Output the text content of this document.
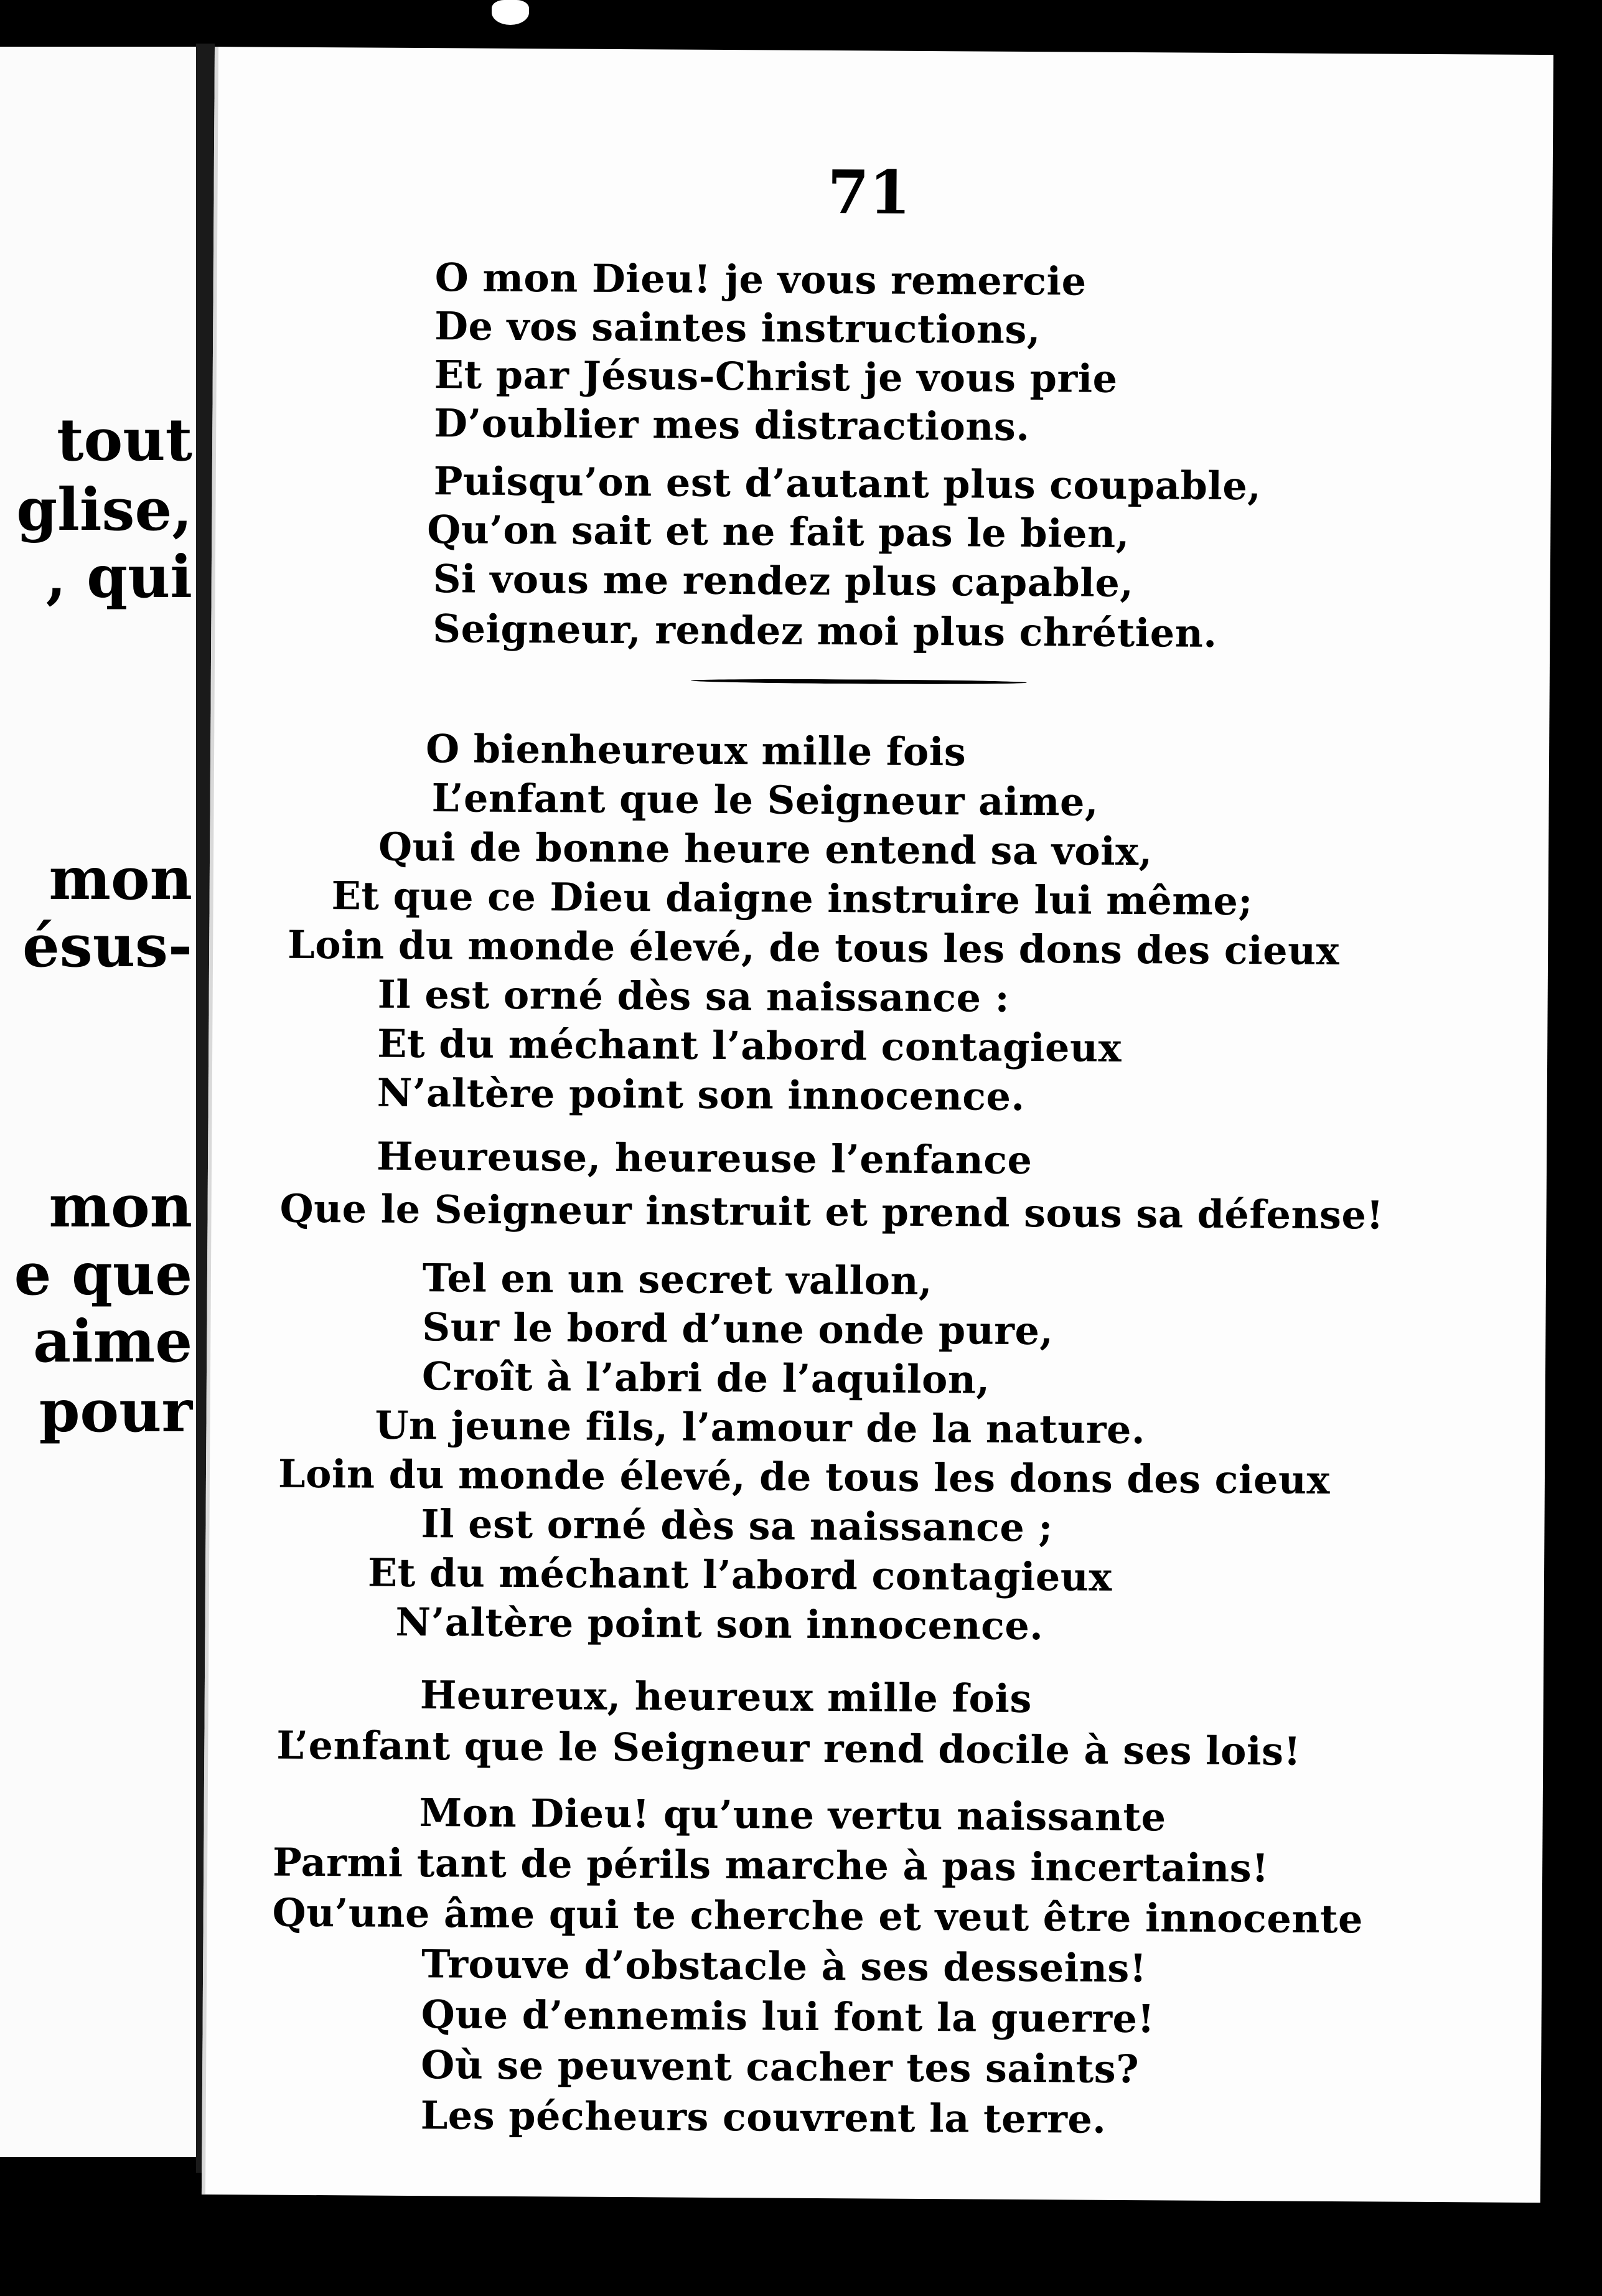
tout
glise,
, qui
mon
ésus-
mon
e que
aime
pour
71
O mon Dieu! je vous remercie
De vos saintes instructions,
Et par Jésus-Christ je vous prie
D’oublier mes distractions.
Puisqu’on est d’autant plus coupable,
Qu’on sait et ne fait pas le bien,
Si vous me rendez plus capable,
Seigneur, rendez moi plus chrétien.
O bienheureux mille fois
L’enfant que le Seigneur aime,
Qui de bonne heure entend sa voix,
Et que ce Dieu daigne instruire lui même;
Loin du monde élevé, de tous les dons des cieux
Il est orné dès sa naissance :
Et du méchant l’abord contagieux
N’altère point son innocence.
Heureuse, heureuse l’enfance
Que le Seigneur instruit et prend sous sa défense!
Tel en un secret vallon,
Sur le bord d’une onde pure,
Croît à l’abri de l’aquilon,
Un jeune fils, l’amour de la nature.
Loin du monde élevé, de tous les dons des cieux
Il est orné dès sa naissance ;
Et du méchant l’abord contagieux
N’altère point son innocence.
Heureux, heureux mille fois
L’enfant que le Seigneur rend docile à ses lois!
Mon Dieu! qu’une vertu naissante
Parmi tant de périls marche à pas incertains!
Qu’une âme qui te cherche et veut être innocente
Trouve d’obstacle à ses desseins!
Que d’ennemis lui font la guerre!
Où se peuvent cacher tes saints?
Les pécheurs couvrent la terre.
